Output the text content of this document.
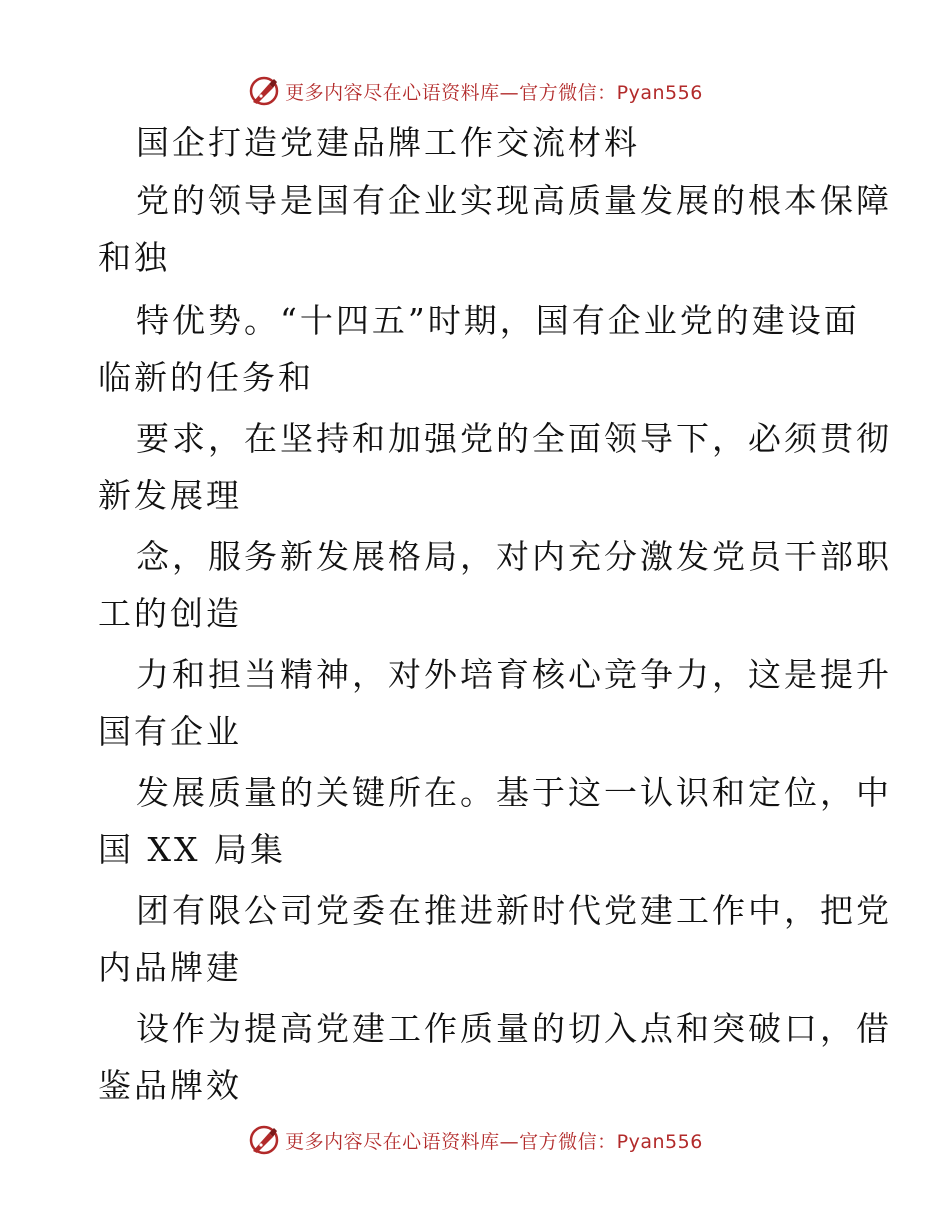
更多内容尽在心语资料库—官方微信：Pyan556
国企打造党建品牌工作交流材料
党的领导是国有企业实现高质量发展的根本保障
和独
特优势。“十四五”时期，国有企业党的建设面
临新的任务和
要求，在坚持和加强党的全面领导下，必须贯彻
新发展理
念，服务新发展格局，对内充分激发党员干部职
工的创造
力和担当精神，对外培育核心竞争力，这是提升
国有企业
发展质量的关键所在。基于这一认识和定位，中
国 XX 局集
团有限公司党委在推进新时代党建工作中，把党
内品牌建
设作为提高党建工作质量的切入点和突破口，借
鉴品牌效
更多内容尽在心语资料库—官方微信：Pyan556
